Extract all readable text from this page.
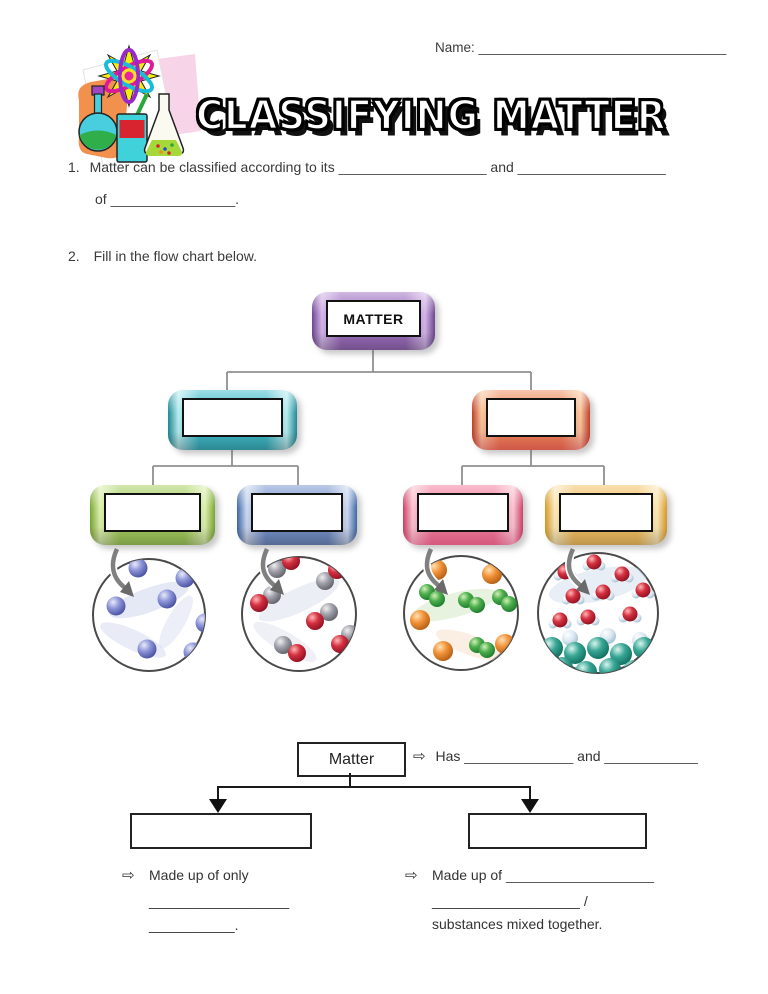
Name: _________________________________
CLASSIFYING MATTER
1. Matter can be classified according to its ___________________ and ___________________
of ________________.
2. Fill in the flow chart below.
MATTER
Matter	⇨ Has ______________ and ____________
⇨ Made up of only
__________________
___________.
⇨ Made up of ___________________
___________________ /
substances mixed together.
